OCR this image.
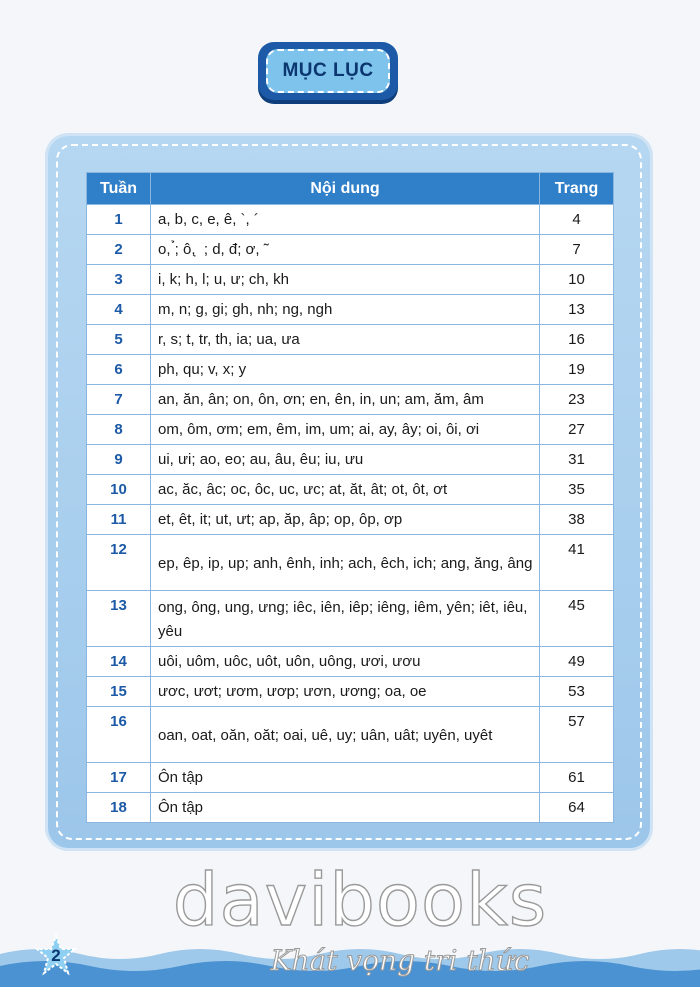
MỤC LỤC
Tuần	Nội dung	Trang
1	a, b, c, e, ê, `, ´	4
2	o, ̉; ô, ̣ ; d, đ; ơ, ˜	7
3	i, k; h, l; u, ư; ch, kh	10
4	m, n; g, gi; gh, nh; ng, ngh	13
5	r, s; t, tr, th, ia; ua, ưa	16
6	ph, qu; v, x; y	19
7	an, ăn, ân; on, ôn, ơn; en, ên, in, un; am, ăm, âm	23
8	om, ôm, ơm; em, êm, im, um; ai, ay, ây; oi, ôi, ơi	27
9	ui, ưi; ao, eo; au, âu, êu; iu, ưu	31
10	ac, ăc, âc; oc, ôc, uc, ưc; at, ăt, ât; ot, ôt, ơt	35
11	et, êt, it; ut, ưt; ap, ăp, âp; op, ôp, ơp	38
12	ep, êp, ip, up; anh, ênh, inh; ach, êch, ich; ang, ăng, âng	41
13	ong, ông, ung, ưng; iêc, iên, iêp; iêng, iêm, yên; iêt, iêu, yêu	45
14	uôi, uôm, uôc, uôt, uôn, uông, ươi, ươu	49
15	ươc, ươt; ươm, ươp; ươn, ương; oa, oe	53
16	oan, oat, oăn, oăt; oai, uê, uy; uân, uât; uyên, uyêt	57
17	Ôn tập	61
18	Ôn tập	64
davibooks
Khát vọng tri thức
2
